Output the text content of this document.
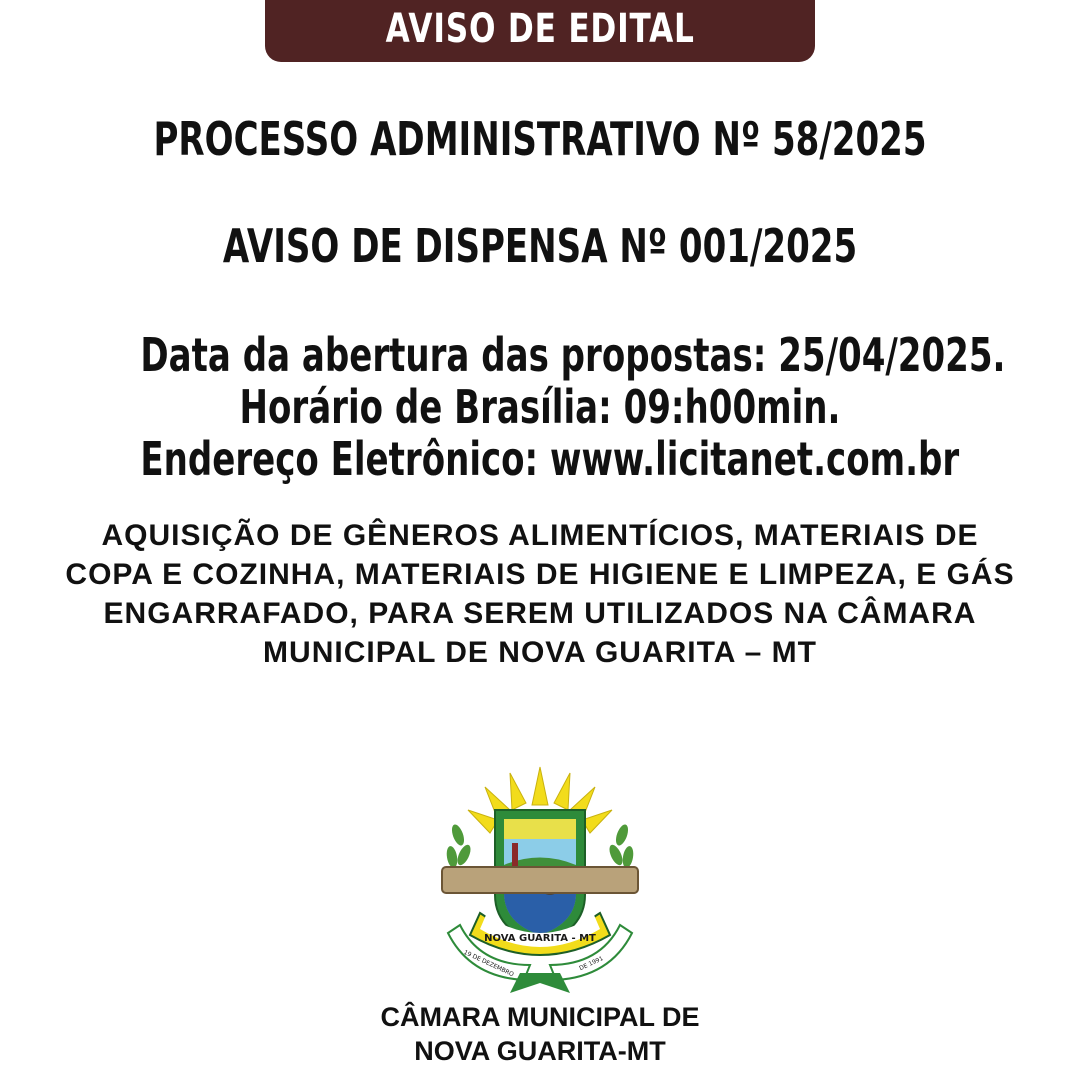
AVISO DE EDITAL
PROCESSO ADMINISTRATIVO Nº 58/2025
AVISO DE DISPENSA Nº 001/2025
Data da abertura das propostas: 25/04/2025.
Horário de Brasília: 09:h00min.
Endereço Eletrônico: www.licitanet.com.br
AQUISIÇÃO DE GÊNEROS ALIMENTÍCIOS, MATERIAIS DE COPA E COZINHA, MATERIAIS DE HIGIENE E LIMPEZA, E GÁS ENGARRAFADO, PARA SEREM UTILIZADOS NA CÂMARA MUNICIPAL DE NOVA GUARITA – MT
NOVA GUARITA - MT
19 DE DEZEMBRO	DE 1991
CÂMARA MUNICIPAL DE
NOVA GUARITA-MT
